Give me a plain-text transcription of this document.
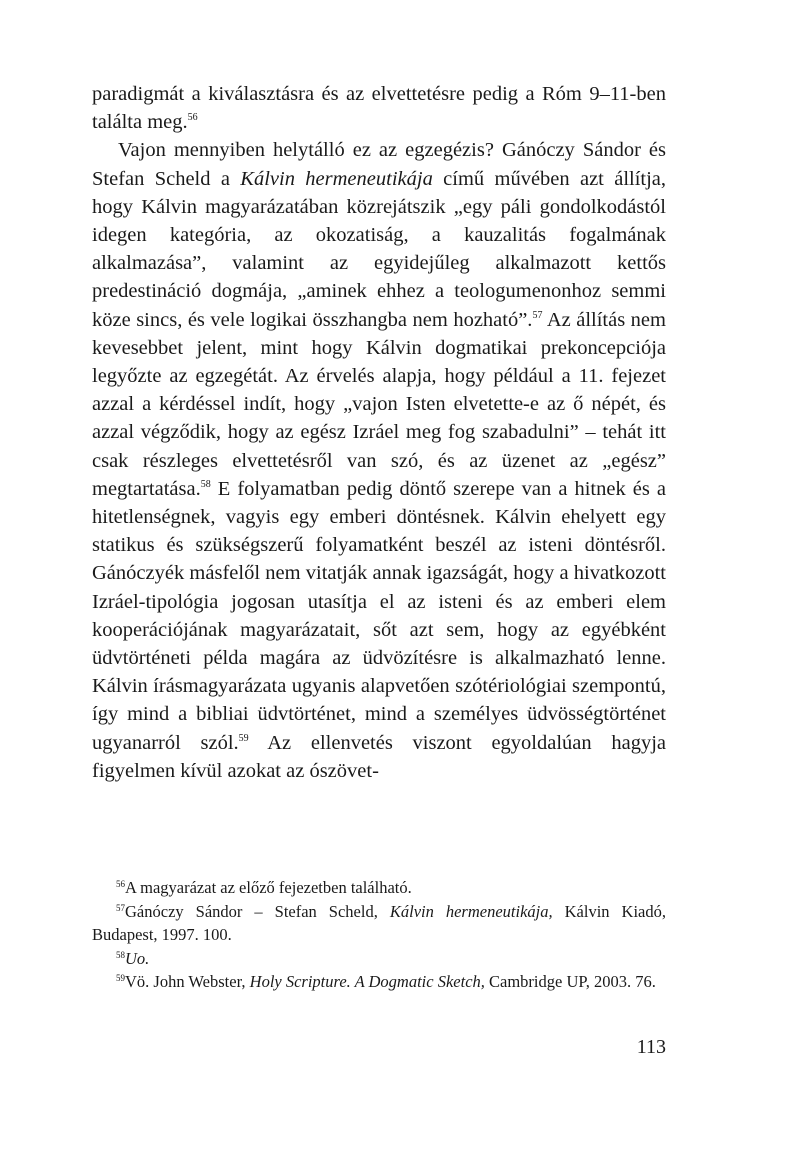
paradigmát a kiválasztásra és az elvettetésre pedig a Róm 9–11-ben találta meg.$^{56}$

Vajon mennyiben helytálló ez az egzegézis? Gánóczy Sándor és Stefan Scheld a Kálvin hermeneutikája című művében azt állítja, hogy Kálvin magyarázatában közrejátszik „egy páli gondolkodástól idegen kategória, az okozatiság, a kauzalitás fogalmának alkalmazása”, valamint az egyidejűleg alkalmazott kettős predestináció dogmája, „aminek ehhez a teologumenonhoz semmi köze sincs, és vele logikai összhangba nem hozható”.$^{57}$ Az állítás nem kevesebbet jelent, mint hogy Kálvin dogmatikai prekoncepciója legyőzte az egzegétát. Az érvelés alapja, hogy például a 11. fejezet azzal a kérdéssel indít, hogy „vajon Isten elvetette-e az ő népét, és azzal végződik, hogy az egész Izráel meg fog szabadulni” – tehát itt csak részleges elvettetésről van szó, és az üzenet az „egész” megtartatása.$^{58}$ E folyamatban pedig döntő szerepe van a hitnek és a hitetlenségnek, vagyis egy emberi döntésnek. Kálvin ehelyett egy statikus és szükségszerű folyamatként beszél az isteni döntésről. Gánóczyék másfelől nem vitatják annak igazságát, hogy a hivatkozott Izráel-tipológia jogosan utasítja el az isteni és az emberi elem kooperációjának magyarázatait, sőt azt sem, hogy az egyébként üdvtörténeti példa magára az üdvözítésre is alkalmazható lenne. Kálvin írásmagyarázata ugyanis alapvetően szótériológiai szempontú, így mind a bibliai üdvtörténet, mind a személyes üdvösségtörténet ugyanarról szól.$^{59}$ Az ellenvetés viszont egyoldalúan hagyja figyelmen kívül azokat az ószövet-

$^{56}$A magyarázat az előző fejezetben található.

$^{57}$Gánóczy Sándor – Stefan Scheld, Kálvin hermeneutikája, Kálvin Kiadó, Budapest, 1997. 100.

$^{58}$Uo.

$^{59}$Vö. John Webster, Holy Scripture. A Dogmatic Sketch, Cambridge UP, 2003. 76.

113
